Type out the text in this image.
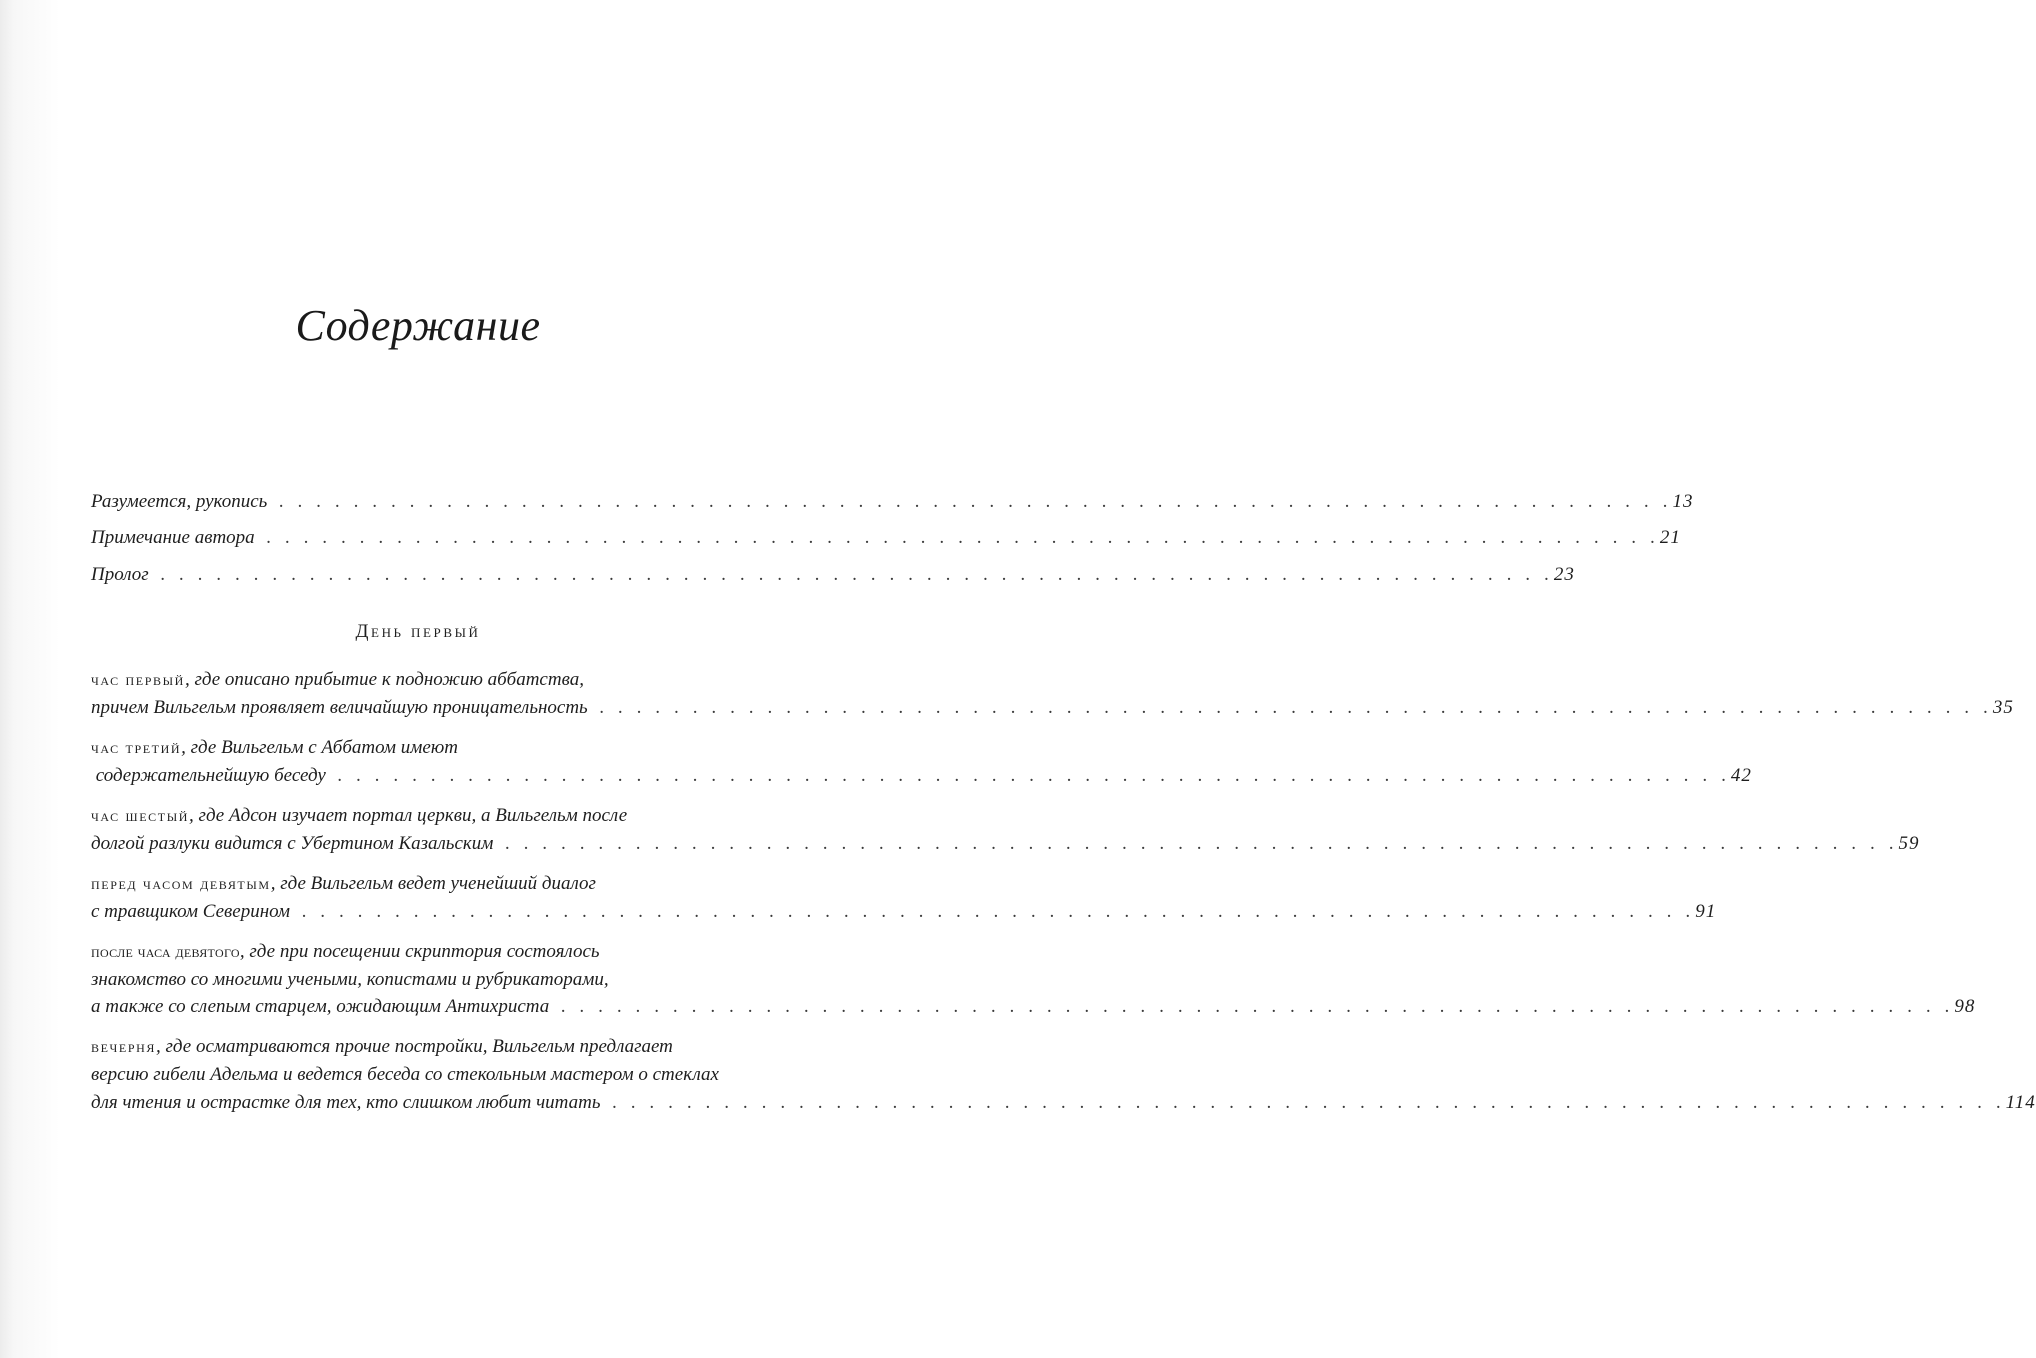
Содержание
Разумеется, рукопись . . . . . . . . . . . . . . . . . . . . . . . . . . . . . . . . . . . . . . . . . . . . . . . . . . . . . . . . . . . . . . . . . . . . . . . . . . . 13
Примечание автора . . . . . . . . . . . . . . . . . . . . . . . . . . . . . . . . . . . . . . . . . . . . . . . . . . . . . . . . . . . . . . . . . . . . . . . . . . . 21
Пролог . . . . . . . . . . . . . . . . . . . . . . . . . . . . . . . . . . . . . . . . . . . . . . . . . . . . . . . . . . . . . . . . . . . . . . . . . . . 23
час первый, где описано прибытие к подножию аббатства,
причем Вильгельм проявляет величайшую проницательность . . . . . . . . . . . . . . . . . . . . . . . . . . . . . . . . . . . . . . . . . . . . . . . . . . . . . . . . . . . . . . . . . . . . . . . . . . . 35
час третий, где Вильгельм с Аббатом имеют
содержательнейшую беседу . . . . . . . . . . . . . . . . . . . . . . . . . . . . . . . . . . . . . . . . . . . . . . . . . . . . . . . . . . . . . . . . . . . . . . . . . . . 42
час шестый, где Адсон изучает портал церкви, а Вильгельм после
долгой разлуки видится с Убертином Казальским . . . . . . . . . . . . . . . . . . . . . . . . . . . . . . . . . . . . . . . . . . . . . . . . . . . . . . . . . . . . . . . . . . . . . . . . . . . 59
перед часом девятым, где Вильгельм ведет ученейший диалог
с травщиком Северином . . . . . . . . . . . . . . . . . . . . . . . . . . . . . . . . . . . . . . . . . . . . . . . . . . . . . . . . . . . . . . . . . . . . . . . . . . . 91
после часа девятого, где при посещении скриптория состоялось
знакомство со многими учеными, копистами и рубрикаторами,
а также со слепым старцем, ожидающим Антихриста . . . . . . . . . . . . . . . . . . . . . . . . . . . . . . . . . . . . . . . . . . . . . . . . . . . . . . . . . . . . . . . . . . . . . . . . . . . 98
вечерня, где осматриваются прочие постройки, Вильгельм предлагает
версию гибели Адельма и ведется беседа со стекольным мастером о стеклах
для чтения и острастке для тех, кто слишком любит читать . . . . . . . . . . . . . . . . . . . . . . . . . . . . . . . . . . . . . . . . . . . . . . . . . . . . . . . . . . . . . . . . . . . . . . . . . . . 114
День первый
